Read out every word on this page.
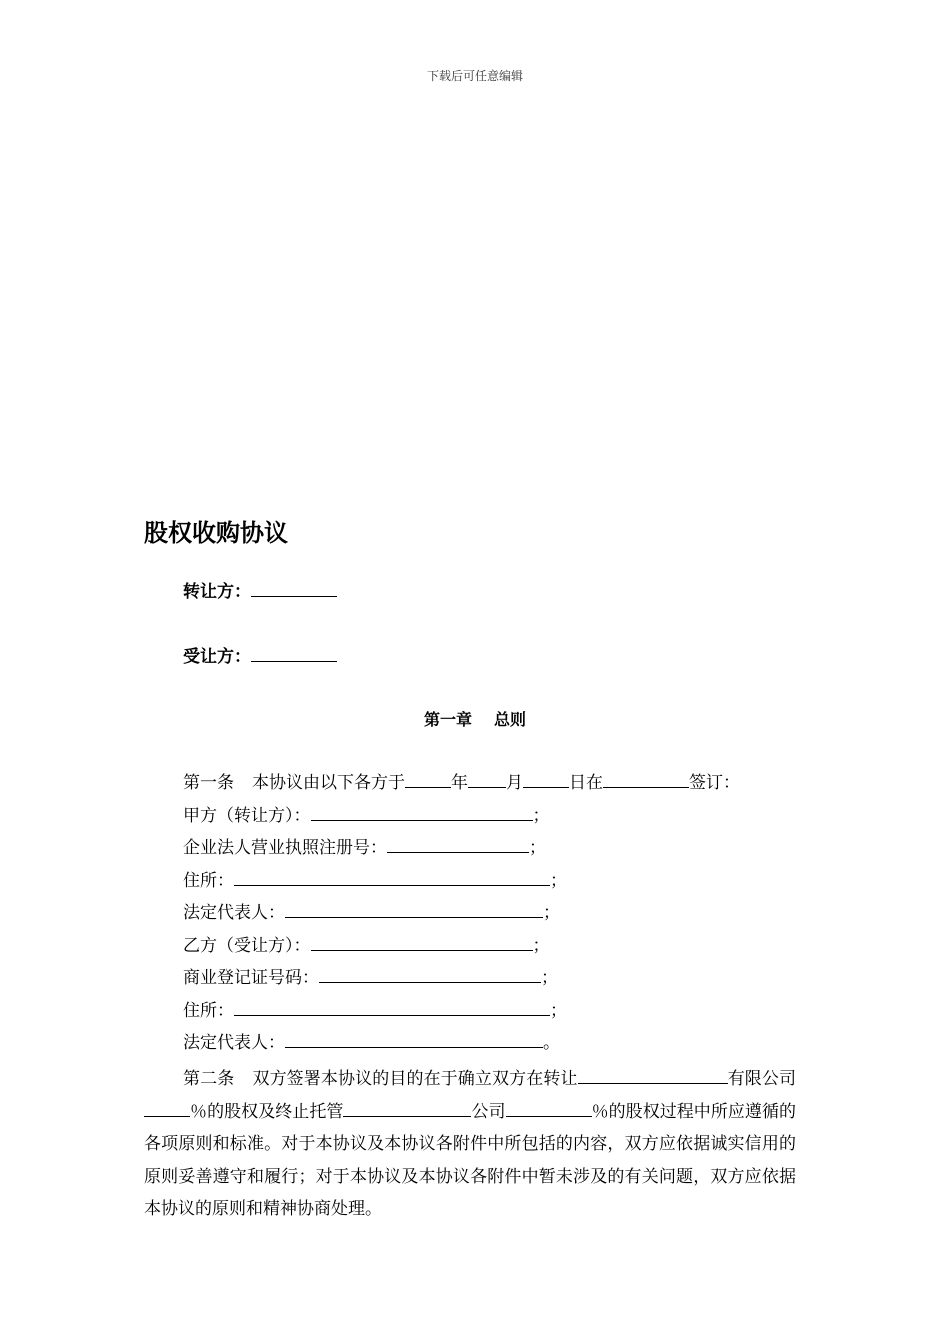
下载后可任意编辑
股权收购协议
转让方：
受让方：
第一章 总则
第一条 本协议由以下各方于	年 月	日在	签订：
甲方（转让方）：	；
企业法人营业执照注册号：	；
住所：	；
法定代表人：	；
乙方（受让方）：	；
商业登记证号码：	；
住所：	；
法定代表人：	。

第二条 双方签署本协议的目的在于确立双方在转让	有限公司％的股权及终止托管	公司	％的股权过程中所应遵循的各项原则和标准。对于本协议及本协议各附件中所包括的内容，双方应依据诚实信用的原则妥善遵守和履行；对于本协议及本协议各附件中暂未涉及的有关问题，双方应依据本协议的原则和精神协商处理。
